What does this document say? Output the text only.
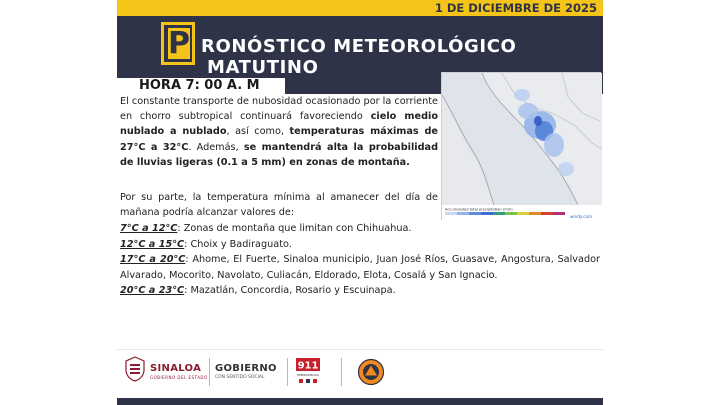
1 DE DICIEMBRE DE 2025
P RONÓSTICO METEOROLÓGICO
MATUTINO
HORA 7: 00 A. M

El constante transporte de nubosidad ocasionado por la corriente en chorro subtropical continuará favoreciendo cielo medio nublado a nublado, así como, temperaturas máximas de 27°C a 32°C. Además, se mantendrá alta la probabilidad de lluvias ligeras (0.1 a 5 mm) en zonas de montaña.

Por su parte, la temperatura mínima al amanecer del día de mañana podría alcanzar valores de:

7°C a 12°C: Zonas de montaña que limitan con Chihuahua.
12°C a 15°C: Choix y Badiraguato.
17°C a 20°C: Ahome, El Fuerte, Sinaloa municipio, Juan José Ríos, Guasave, Angostura, Salvador Alvarado, Mocorito, Navolato, Culiacán, Eldorado, Elota, Cosalá y San Ignacio.
20°C a 23°C: Mazatlán, Concordia, Rosario y Escuinapa.
Accumulated total precipitation (mm)
windy.com
SINALOA
GOBIERNO DEL ESTADO
GOBIERNO
CON SENTIDO SOCIAL
911
EMERGENCIAS
